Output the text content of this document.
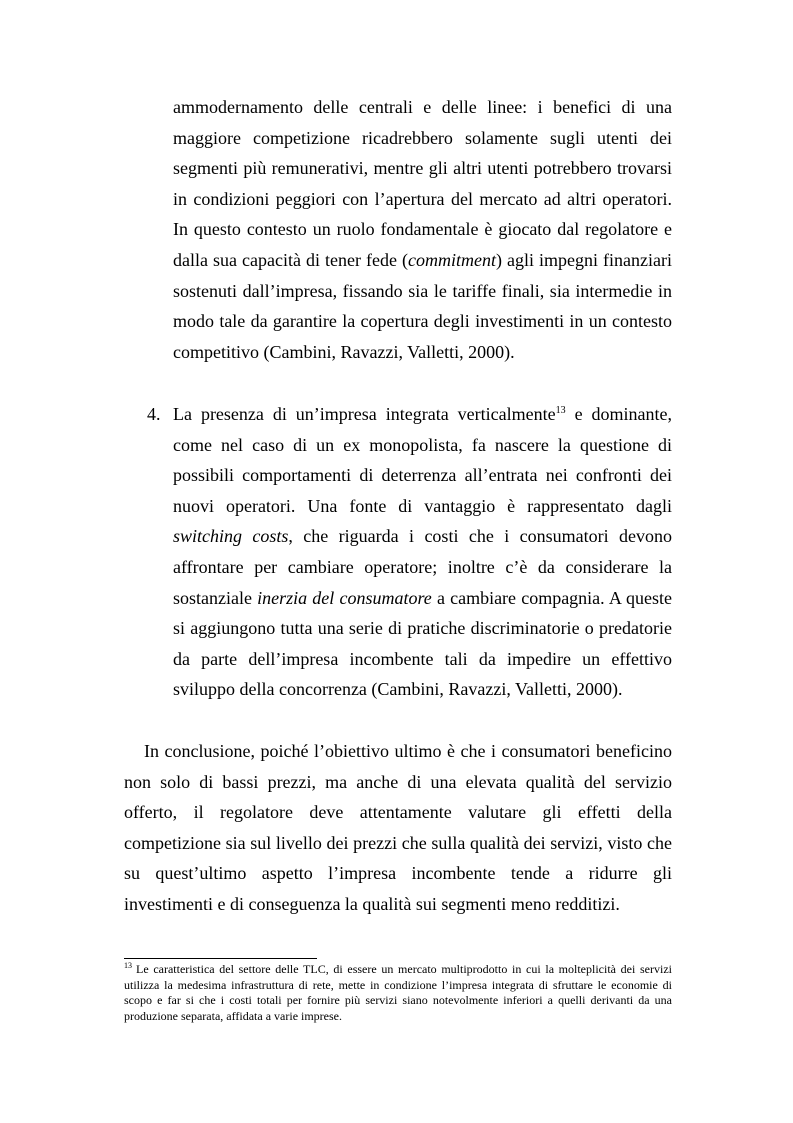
ammodernamento delle centrali e delle linee: i benefici di una maggiore competizione ricadrebbero solamente sugli utenti dei segmenti più remunerativi, mentre gli altri utenti potrebbero trovarsi in condizioni peggiori con l’apertura del mercato ad altri operatori. In questo contesto un ruolo fondamentale è giocato dal regolatore e dalla sua capacità di tener fede (commitment) agli impegni finanziari sostenuti dall’impresa, fissando sia le tariffe finali, sia intermedie in modo tale da garantire la copertura degli investimenti in un contesto competitivo (Cambini, Ravazzi, Valletti, 2000).

4. La presenza di un’impresa integrata verticalmente$^{13}$ e dominante, come nel caso di un ex monopolista, fa nascere la questione di possibili comportamenti di deterrenza all’entrata nei confronti dei nuovi operatori. Una fonte di vantaggio è rappresentato dagli switching costs, che riguarda i costi che i consumatori devono affrontare per cambiare operatore; inoltre c’è da considerare la sostanziale inerzia del consumatore a cambiare compagnia. A queste si aggiungono tutta una serie di pratiche discriminatorie o predatorie da parte dell’impresa incombente tali da impedire un effettivo sviluppo della concorrenza (Cambini, Ravazzi, Valletti, 2000).

In conclusione, poiché l’obiettivo ultimo è che i consumatori beneficino non solo di bassi prezzi, ma anche di una elevata qualità del servizio offerto, il regolatore deve attentamente valutare gli effetti della competizione sia sul livello dei prezzi che sulla qualità dei servizi, visto che su quest’ultimo aspetto l’impresa incombente tende a ridurre gli investimenti e di conseguenza la qualità sui segmenti meno redditizi.

$^{13}$ Le caratteristica del settore delle TLC, di essere un mercato multiprodotto in cui la molteplicità dei servizi utilizza la medesima infrastruttura di rete, mette in condizione l’impresa integrata di sfruttare le economie di scopo e far si che i costi totali per fornire più servizi siano notevolmente inferiori a quelli derivanti da una produzione separata, affidata a varie imprese.
